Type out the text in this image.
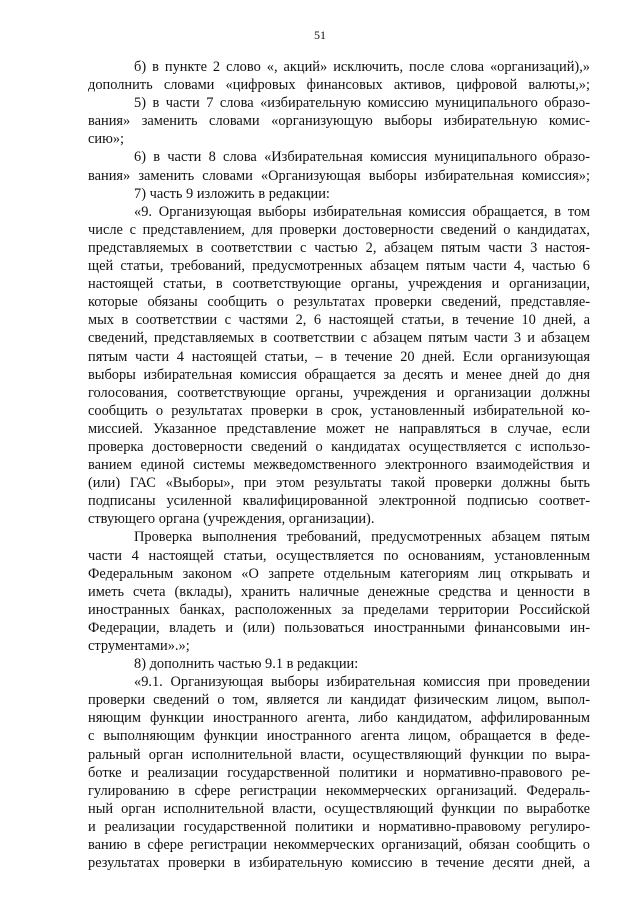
51
б) в пункте 2 слово «, акций» исключить, после слова «организаций),»
дополнить словами «цифровых финансовых активов, цифровой валюты,»;
5) в части 7 слова «избирательную комиссию муниципального образо-
вания» заменить словами «организующую выборы избирательную комис-
сию»;
6) в части 8 слова «Избирательная комиссия муниципального образо-
вания» заменить словами «Организующая выборы избирательная комиссия»;
7) часть 9 изложить в редакции:
«9. Организующая выборы избирательная комиссия обращается, в том
числе с представлением, для проверки достоверности сведений о кандидатах,
представляемых в соответствии с частью 2, абзацем пятым части 3 настоя-
щей статьи, требований, предусмотренных абзацем пятым части 4, частью 6
настоящей статьи, в соответствующие органы, учреждения и организации,
которые обязаны сообщить о результатах проверки сведений, представляе-
мых в соответствии с частями 2, 6 настоящей статьи, в течение 10 дней, а
сведений, представляемых в соответствии с абзацем пятым части 3 и абзацем
пятым части 4 настоящей статьи, – в течение 20 дней. Если организующая
выборы избирательная комиссия обращается за десять и менее дней до дня
голосования, соответствующие органы, учреждения и организации должны
сообщить о результатах проверки в срок, установленный избирательной ко-
миссией. Указанное представление может не направляться в случае, если
проверка достоверности сведений о кандидатах осуществляется с использо-
ванием единой системы межведомственного электронного взаимодействия и
(или) ГАС «Выборы», при этом результаты такой проверки должны быть
подписаны усиленной квалифицированной электронной подписью соответ-
ствующего органа (учреждения, организации).
Проверка выполнения требований, предусмотренных абзацем пятым
части 4 настоящей статьи, осуществляется по основаниям, установленным
Федеральным законом «О запрете отдельным категориям лиц открывать и
иметь счета (вклады), хранить наличные денежные средства и ценности в
иностранных банках, расположенных за пределами территории Российской
Федерации, владеть и (или) пользоваться иностранными финансовыми ин-
струментами».»;
8) дополнить частью 9.1 в редакции:
«9.1. Организующая выборы избирательная комиссия при проведении
проверки сведений о том, является ли кандидат физическим лицом, выпол-
няющим функции иностранного агента, либо кандидатом, аффилированным
с выполняющим функции иностранного агента лицом, обращается в феде-
ральный орган исполнительной власти, осуществляющий функции по выра-
ботке и реализации государственной политики и нормативно-правового ре-
гулированию в сфере регистрации некоммерческих организаций. Федераль-
ный орган исполнительной власти, осуществляющий функции по выработке
и реализации государственной политики и нормативно-правовому регулиро-
ванию в сфере регистрации некоммерческих организаций, обязан сообщить о
результатах проверки в избирательную комиссию в течение десяти дней, а
